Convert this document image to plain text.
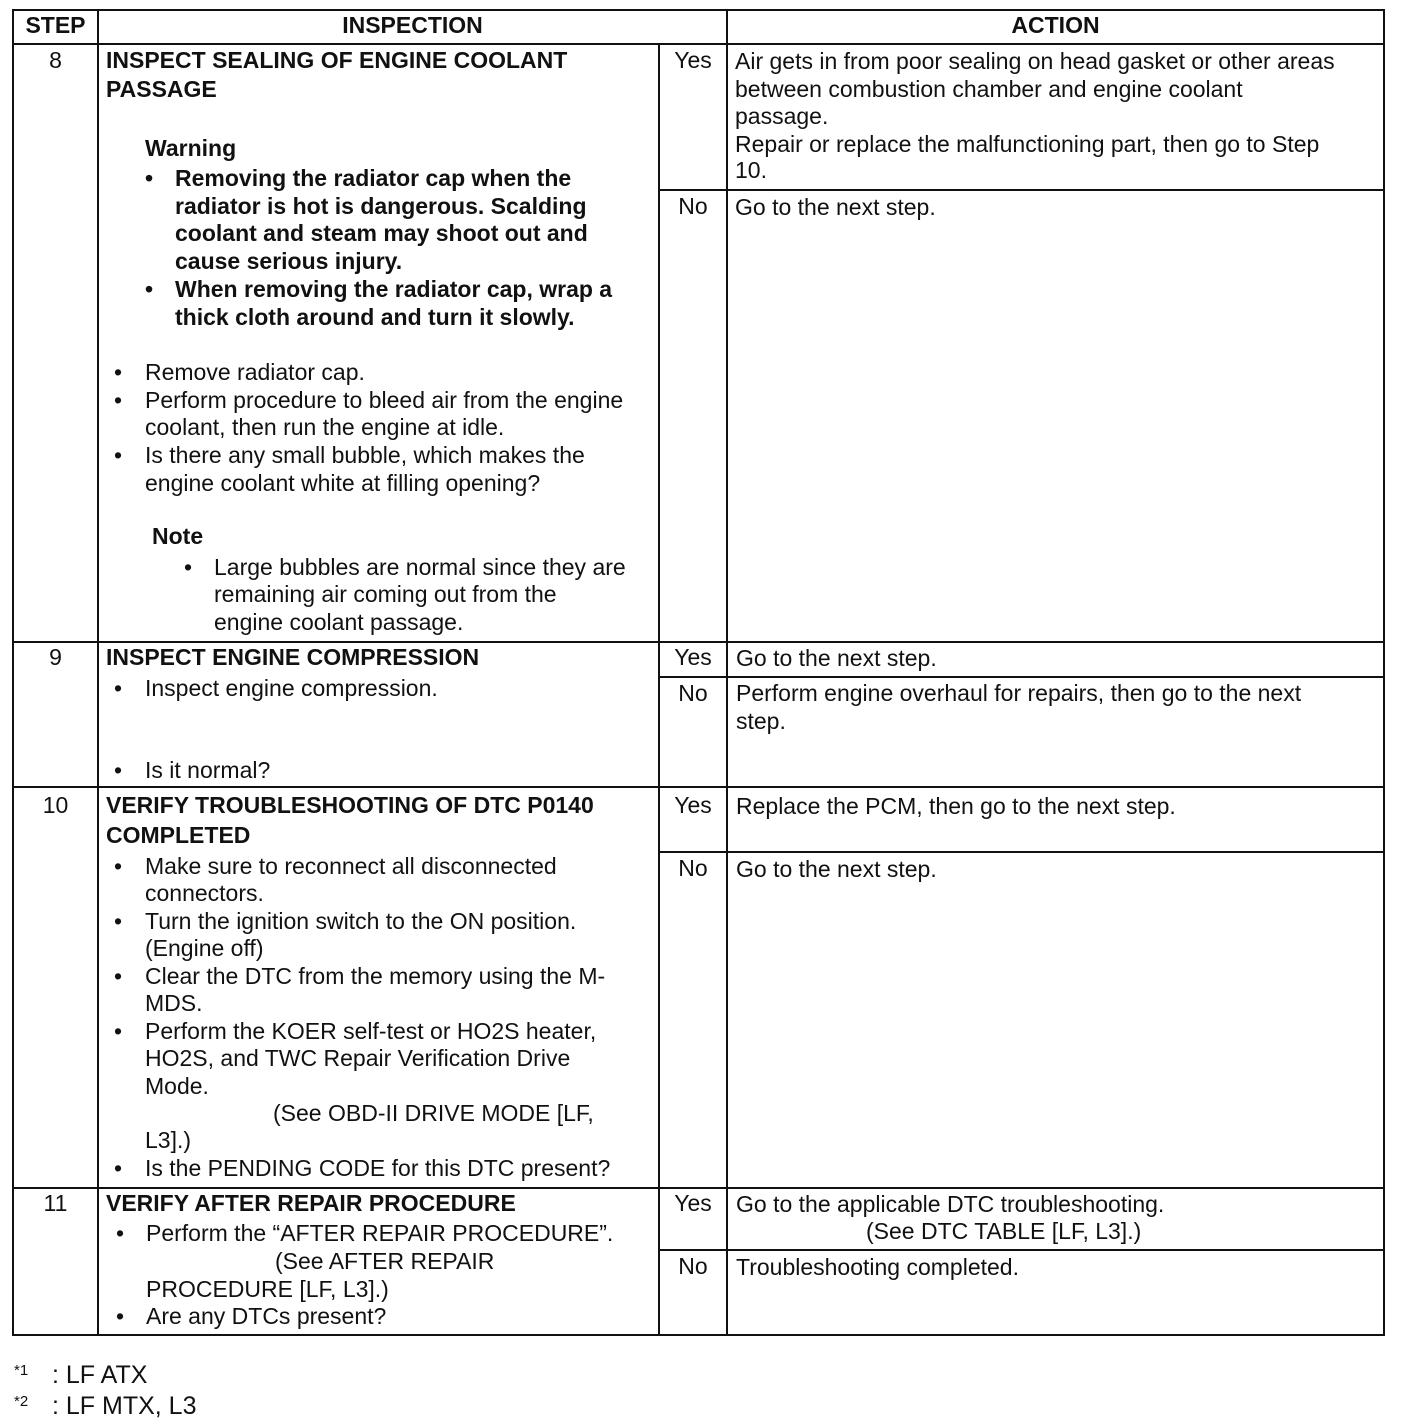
STEP	INSPECTION	ACTION
8	INSPECT SEALING OF ENGINE COOLANT
PASSAGE
Warning
• Removing the radiator cap when the
radiator is hot is dangerous. Scalding
coolant and steam may shoot out and
cause serious injury.
• When removing the radiator cap, wrap a
thick cloth around and turn it slowly.
• Remove radiator cap.
• Perform procedure to bleed air from the engine
coolant, then run the engine at idle.
• Is there any small bubble, which makes the
engine coolant white at filling opening?
Note
• Large bubbles are normal since they are
remaining air coming out from the
engine coolant passage.
Yes	Air gets in from poor sealing on head gasket or other areas
between combustion chamber and engine coolant
passage.
Repair or replace the malfunctioning part, then go to Step
10.
No	Go to the next step.
9	INSPECT ENGINE COMPRESSION
• Inspect engine compression.
• Is it normal?
Yes	Go to the next step.
No	Perform engine overhaul for repairs, then go to the next
step.
10	VERIFY TROUBLESHOOTING OF DTC P0140
COMPLETED
• Make sure to reconnect all disconnected
connectors.
• Turn the ignition switch to the ON position.
(Engine off)
• Clear the DTC from the memory using the M-
MDS.
• Perform the KOER self-test or HO2S heater,
HO2S, and TWC Repair Verification Drive
Mode.
(See OBD-II DRIVE MODE [LF,
L3].)
• Is the PENDING CODE for this DTC present?
Yes	Replace the PCM, then go to the next step.
No	Go to the next step.
11	VERIFY AFTER REPAIR PROCEDURE
• Perform the “AFTER REPAIR PROCEDURE”.
(See AFTER REPAIR
PROCEDURE [LF, L3].)
• Are any DTCs present?
Yes	Go to the applicable DTC troubleshooting.
(See DTC TABLE [LF, L3].)
No	Troubleshooting completed.
$^{*1}$ : LF ATX
$^{*2}$ : LF MTX, L3
